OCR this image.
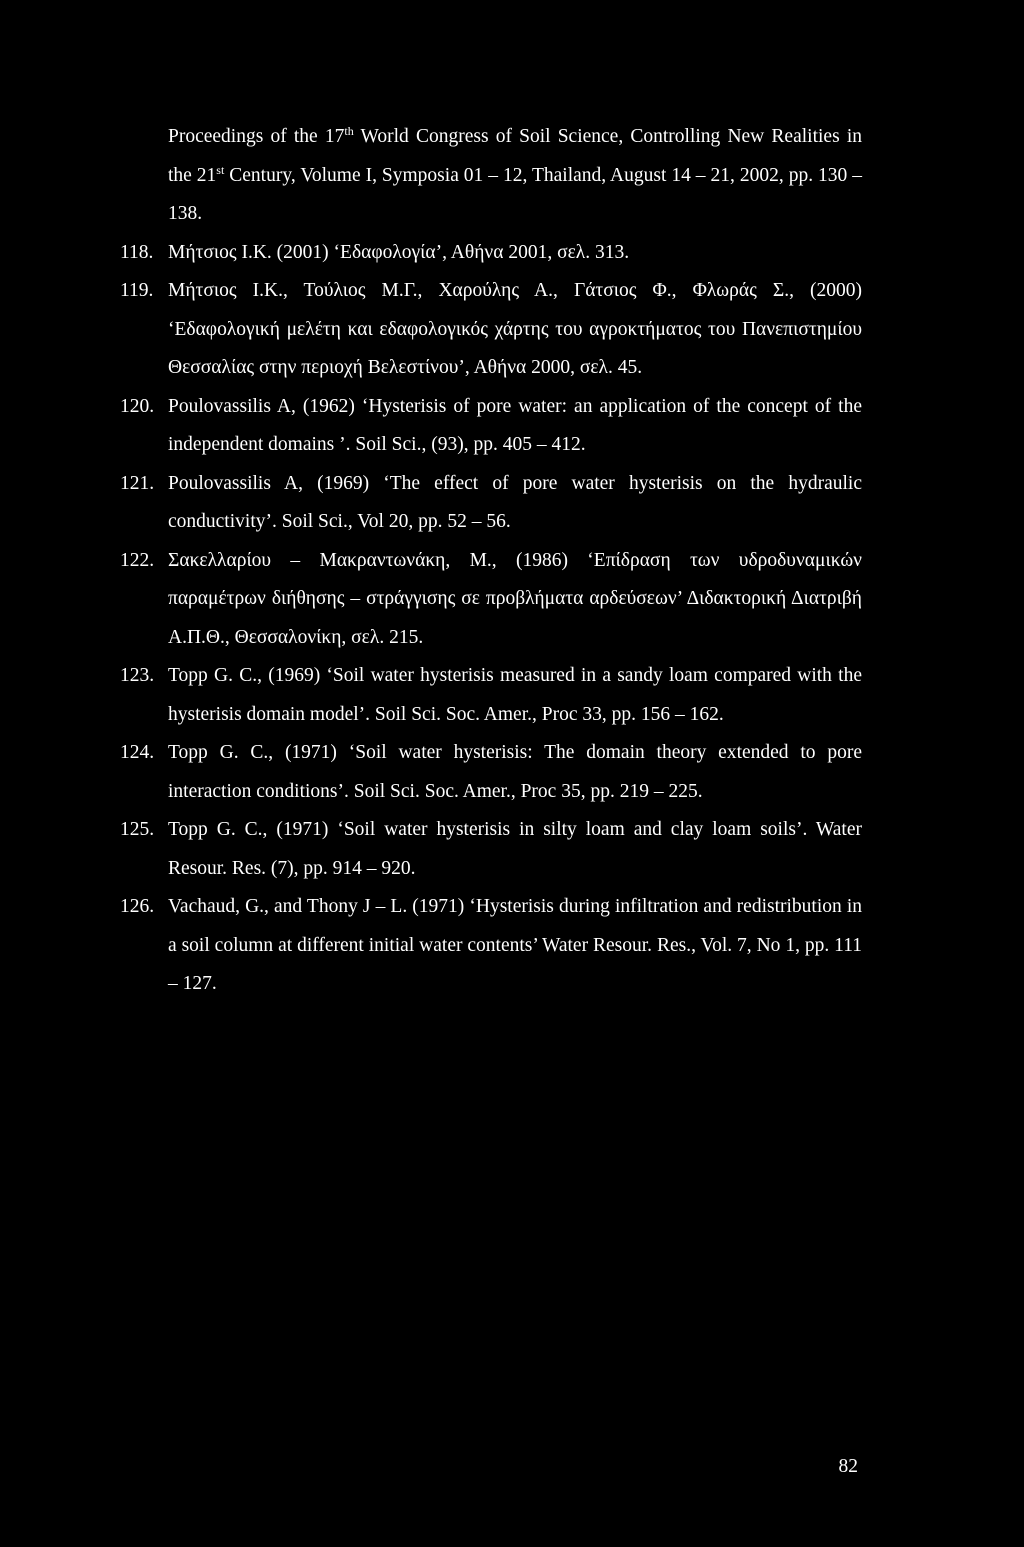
Proceedings of the 17th World Congress of Soil Science, Controlling New Realities in the 21st Century, Volume I, Symposia 01 – 12, Thailand, August 14 – 21, 2002, pp. 130 – 138.
118. Μήτσιος Ι.Κ. (2001) ‘Εδαφολογία’, Αθήνα 2001, σελ. 313.
119. Μήτσιος Ι.Κ., Τούλιος Μ.Γ., Χαρούλης Α., Γάτσιος Φ., Φλωράς Σ., (2000) ‘Εδαφολογική μελέτη και εδαφολογικός χάρτης του αγροκτήματος του Πανεπιστημίου Θεσσαλίας στην περιοχή Βελεστίνου’, Αθήνα 2000, σελ. 45.
120. Poulovassilis A, (1962) ‘Hysterisis of pore water: an application of the concept of the independent domains ’. Soil Sci., (93), pp. 405 – 412.
121. Poulovassilis A, (1969) ‘The effect of pore water hysterisis on the hydraulic conductivity’. Soil Sci., Vol 20, pp. 52 – 56.
122. Σακελλαρίου – Μακραντωνάκη, Μ., (1986) ‘Επίδραση των υδροδυναμικών παραμέτρων διήθησης – στράγγισης σε προβλήματα αρδεύσεων’ Διδακτορική Διατριβή Α.Π.Θ., Θεσσαλονίκη, σελ. 215.
123. Topp G. C., (1969) ‘Soil water hysterisis measured in a sandy loam compared with the hysterisis domain model’. Soil Sci. Soc. Amer., Proc 33, pp. 156 – 162.
124. Topp G. C., (1971) ‘Soil water hysterisis: The domain theory extended to pore interaction conditions’. Soil Sci. Soc. Amer., Proc 35, pp. 219 – 225.
125. Topp G. C., (1971) ‘Soil water hysterisis in silty loam and clay loam soils’. Water Resour. Res. (7), pp. 914 – 920.
126. Vachaud, G., and Thony J – L. (1971) ‘Hysterisis during infiltration and redistribution in a soil column at different initial water contents’ Water Resour. Res., Vol. 7, No 1, pp. 111 – 127.
82
